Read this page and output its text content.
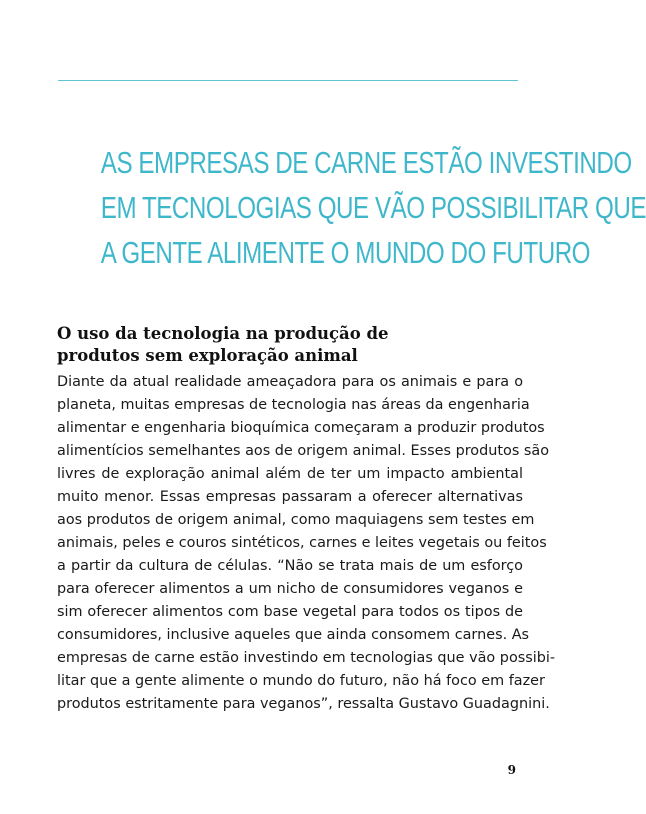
AS EMPRESAS DE CARNE ESTÃO INVESTINDO
EM TECNOLOGIAS QUE VÃO POSSIBILITAR QUE
A GENTE ALIMENTE O MUNDO DO FUTURO
O uso da tecnologia na produção de
produtos sem exploração animal
Diante da atual realidade ameaçadora para os animais e para o
planeta, muitas empresas de tecnologia nas áreas da engenharia
alimentar e engenharia bioquímica começaram a produzir produtos
alimentícios semelhantes aos de origem animal. Esses produtos são
livres de exploração animal além de ter um impacto ambiental
muito menor. Essas empresas passaram a oferecer alternativas
aos produtos de origem animal, como maquiagens sem testes em
animais, peles e couros sintéticos, carnes e leites vegetais ou feitos
a partir da cultura de células. “Não se trata mais de um esforço
para oferecer alimentos a um nicho de consumidores veganos e
sim oferecer alimentos com base vegetal para todos os tipos de
consumidores, inclusive aqueles que ainda consomem carnes. As
empresas de carne estão investindo em tecnologias que vão possibi-
litar que a gente alimente o mundo do futuro, não há foco em fazer
produtos estritamente para veganos”, ressalta Gustavo Guadagnini.
9
